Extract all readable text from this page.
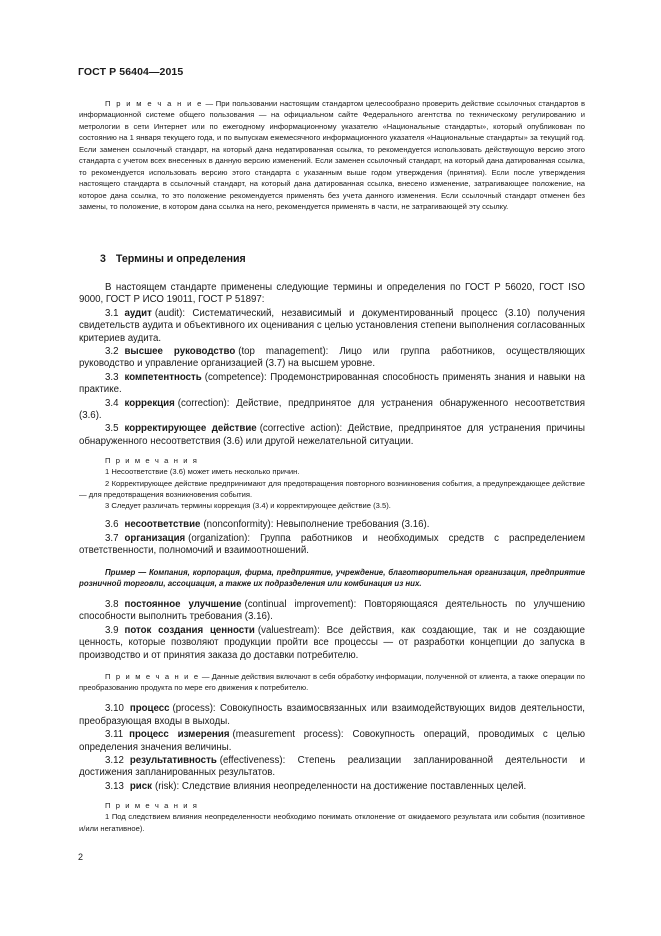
ГОСТ Р 56404—2015
П р и м е ч а н и е — При пользовании настоящим стандартом целесообразно проверить действие ссылочных стандартов в информационной системе общего пользования — на официальном сайте Федерального агентства по техническому регулированию и метрологии в сети Интернет или по ежегодному информационному указателю «Национальные стандарты», который опубликован по состоянию на 1 января текущего года, и по выпускам ежемесячного информационного указателя «Национальные стандарты» за текущий год. Если заменен ссылочный стандарт, на который дана недатированная ссылка, то рекомендуется использовать действующую версию этого стандарта с учетом всех внесенных в данную версию изменений. Если заменен ссылочный стандарт, на который дана датированная ссылка, то рекомендуется использовать версию этого стандарта с указанным выше годом утверждения (принятия). Если после утверждения настоящего стандарта в ссылочный стандарт, на который дана датированная ссылка, внесено изменение, затрагивающее положение, на которое дана ссылка, то это положение рекомендуется применять без учета данного изменения. Если ссылочный стандарт отменен без замены, то положение, в котором дана ссылка на него, рекомендуется применять в части, не затрагивающей эту ссылку.
3 Термины и определения

В настоящем стандарте применены следующие термины и определения по ГОСТ Р 56020, ГОСТ ISO 9000, ГОСТ Р ИСО 19011, ГОСТ Р 51897:

3.1 аудит (audit): Систематический, независимый и документированный процесс (3.10) получения свидетельств аудита и объективного их оценивания с целью установления степени выполнения согласованных критериев аудита.

3.2 высшее руководство (top management): Лицо или группа работников, осуществляющих руководство и управление организацией (3.7) на высшем уровне.

3.3 компетентность (competence): Продемонстрированная способность применять знания и навыки на практике.

3.4 коррекция (correction): Действие, предпринятое для устранения обнаруженного несоответствия (3.6).

3.5 корректирующее действие (corrective action): Действие, предпринятое для устранения причины обнаруженного несоответствия (3.6) или другой нежелательной ситуации.

П р и м е ч а н и я

1 Несоответствие (3.6) может иметь несколько причин.

2 Корректирующее действие предпринимают для предотвращения повторного возникновения события, а предупреждающее действие — для предотвращения возникновения события.

3 Следует различать термины коррекция (3.4) и корректирующее действие (3.5).

3.6 несоответствие (nonconformity): Невыполнение требования (3.16).

3.7 организация (organization): Группа работников и необходимых средств с распределением ответственности, полномочий и взаимоотношений.

Пример — Компания, корпорация, фирма, предприятие, учреждение, благотворительная организация, предприятие розничной торговли, ассоциация, а также их подразделения или комбинация из них.

3.8 постоянное улучшение (continual improvement): Повторяющаяся деятельность по улучшению способности выполнить требования (3.16).

3.9 поток создания ценности (valuestream): Все действия, как создающие, так и не создающие ценность, которые позволяют продукции пройти все процессы — от разработки концепции до запуска в производство и от принятия заказа до доставки потребителю.

П р и м е ч а н и е — Данные действия включают в себя обработку информации, полученной от клиента, а также операции по преобразованию продукта по мере его движения к потребителю.

3.10 процесс (process): Совокупность взаимосвязанных или взаимодействующих видов деятельности, преобразующая входы в выходы.

3.11 процесс измерения (measurement process): Совокупность операций, проводимых с целью определения значения величины.

3.12 результативность (effectiveness): Степень реализации запланированной деятельности и достижения запланированных результатов.

3.13 риск (risk): Следствие влияния неопределенности на достижение поставленных целей.

П р и м е ч а н и я

1 Под следствием влияния неопределенности необходимо понимать отклонение от ожидаемого результата или события (позитивное и/или негативное).

2
